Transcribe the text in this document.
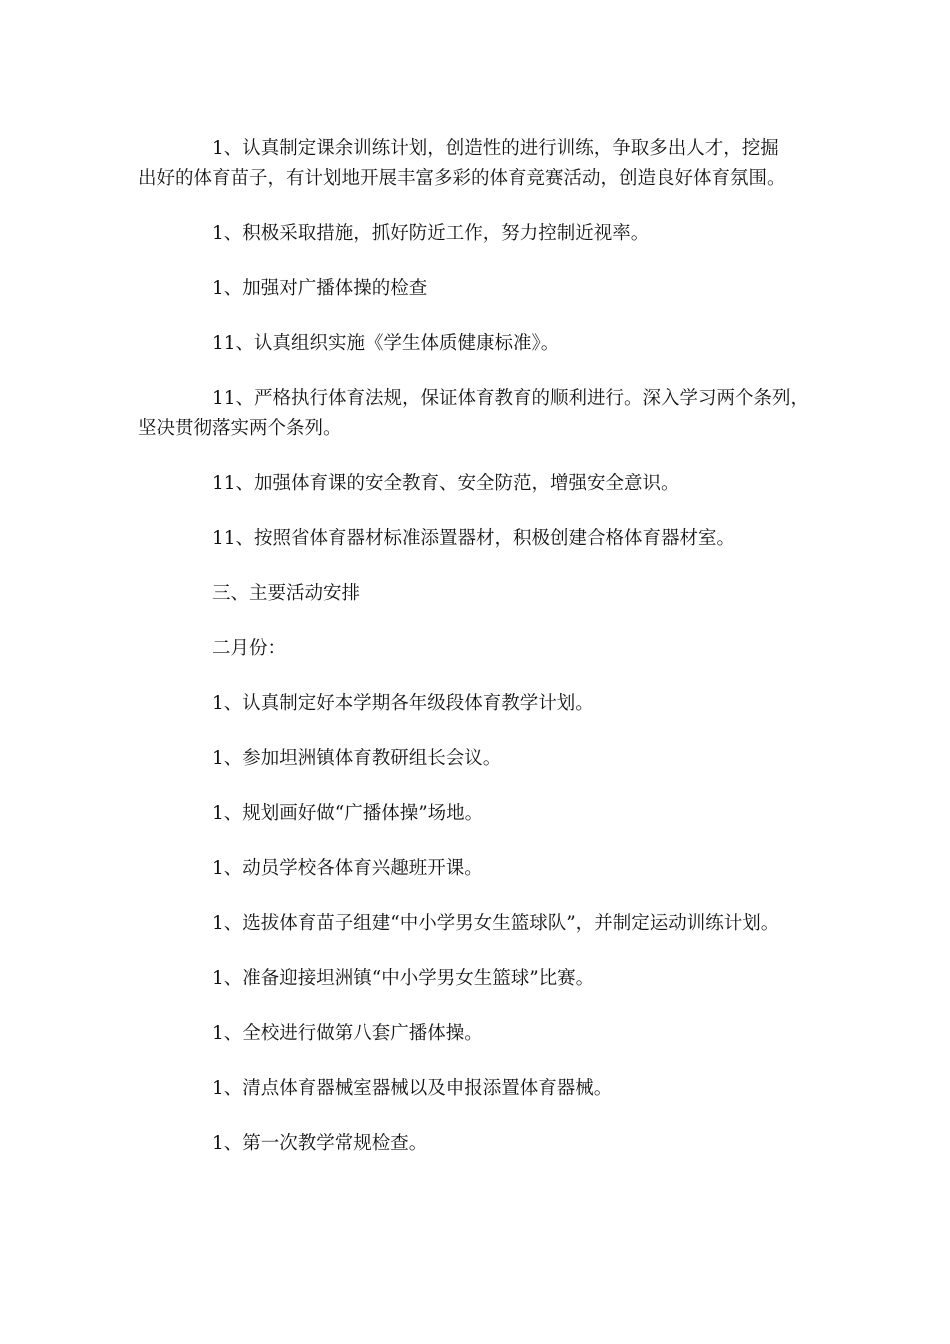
1、认真制定课余训练计划，创造性的进行训练，争取多出人才，挖掘
出好的体育苗子，有计划地开展丰富多彩的体育竞赛活动，创造良好体育氛围。

1、积极采取措施，抓好防近工作，努力控制近视率。

1、加强对广播体操的检查

11、认真组织实施《学生体质健康标准》。

11、严格执行体育法规，保证体育教育的顺利进行。深入学习两个条列，
坚决贯彻落实两个条列。

11、加强体育课的安全教育、安全防范，增强安全意识。

11、按照省体育器材标准添置器材，积极创建合格体育器材室。

三、主要活动安排

二月份：

1、认真制定好本学期各年级段体育教学计划。

1、参加坦洲镇体育教研组长会议。

1、规划画好做“广播体操”场地。

1、动员学校各体育兴趣班开课。

1、选拔体育苗子组建“中小学男女生篮球队”，并制定运动训练计划。

1、准备迎接坦洲镇“中小学男女生篮球”比赛。

1、全校进行做第八套广播体操。

1、清点体育器械室器械以及申报添置体育器械。

1、第一次教学常规检查。
